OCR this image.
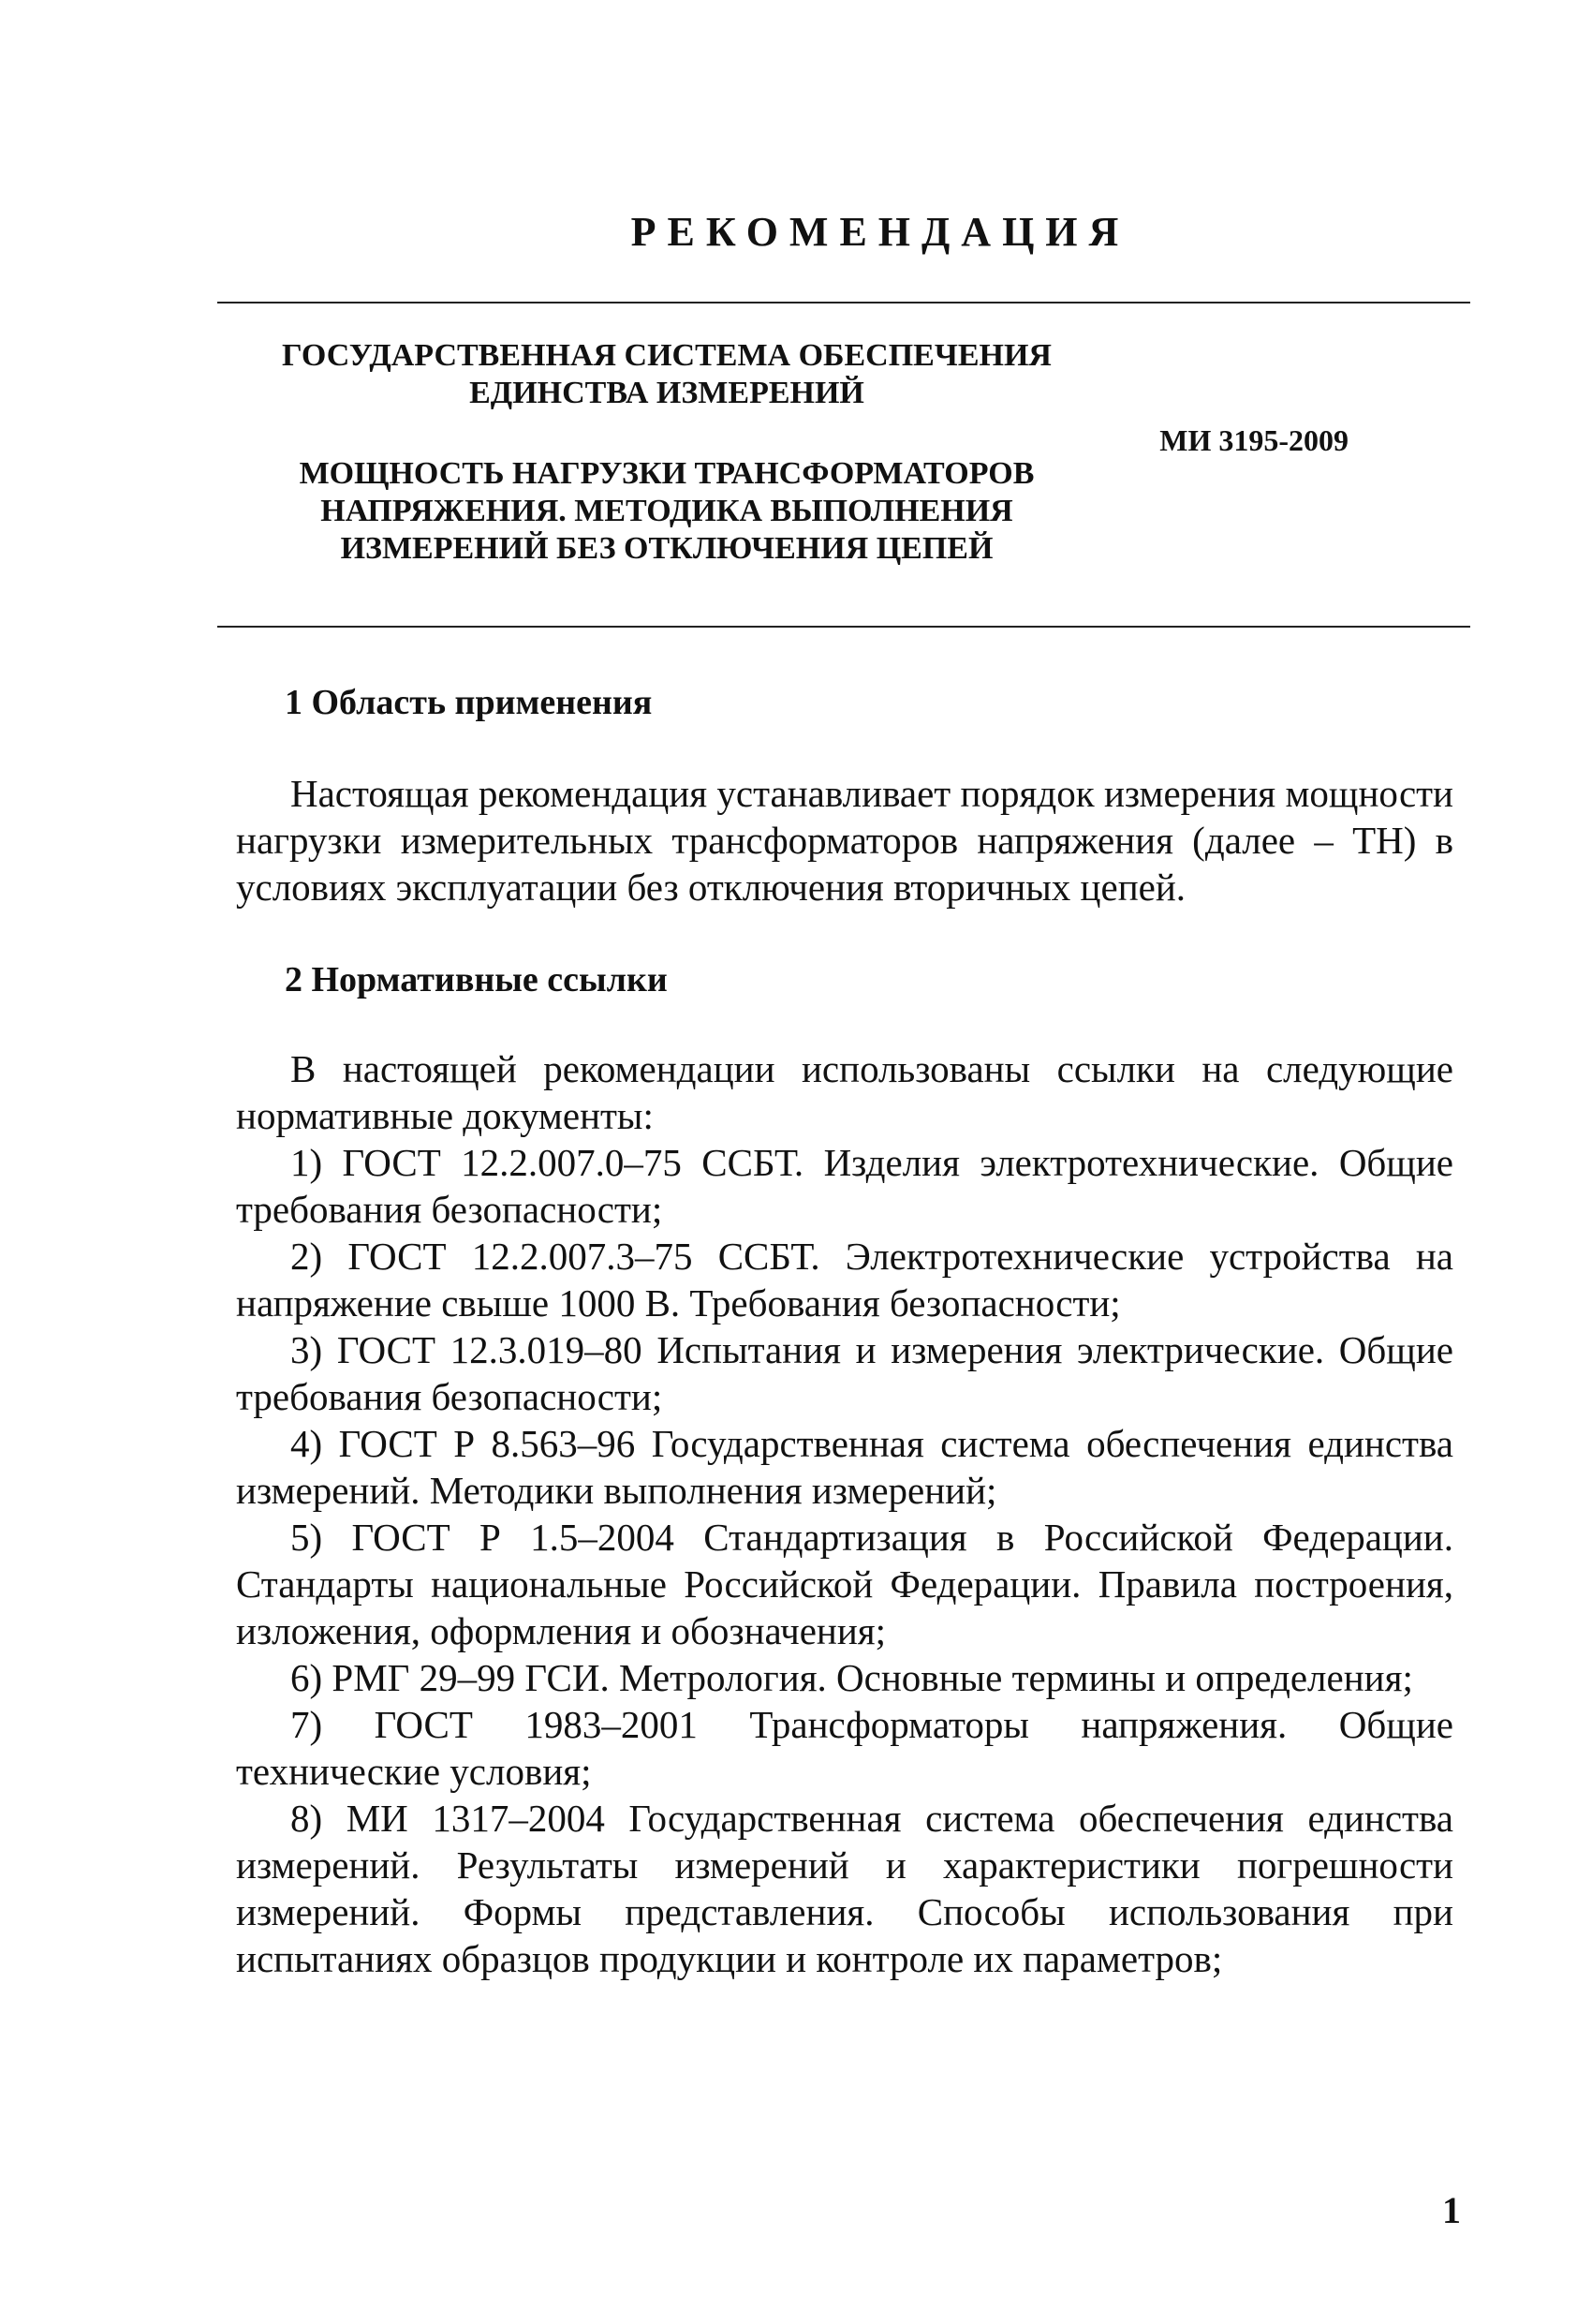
РЕКОМЕНДАЦИЯ

ГОСУДАРСТВЕННАЯ СИСТЕМА ОБЕСПЕЧЕНИЯ
ЕДИНСТВА ИЗМЕРЕНИЙ

МОЩНОСТЬ НАГРУЗКИ ТРАНСФОРМАТОРОВ
НАПРЯЖЕНИЯ. МЕТОДИКА ВЫПОЛНЕНИЯ
ИЗМЕРЕНИЙ БЕЗ ОТКЛЮЧЕНИЯ ЦЕПЕЙ

МИ 3195-2009
1 Область применения

Настоящая рекомендация устанавливает порядок измерения мощности нагрузки измерительных трансформаторов напряжения (далее – ТН) в условиях эксплуатации без отключения вторичных цепей.

2 Нормативные ссылки

В настоящей рекомендации использованы ссылки на следующие нормативные документы:

1) ГОСТ 12.2.007.0–75 ССБТ. Изделия электротехнические. Общие требования безопасности;
2) ГОСТ 12.2.007.3–75 ССБТ. Электротехнические устройства на напряжение свыше 1000 В. Требования безопасности;
3) ГОСТ 12.3.019–80 Испытания и измерения электрические. Общие требования безопасности;
4) ГОСТ Р 8.563–96 Государственная система обеспечения единства измерений. Методики выполнения измерений;
5) ГОСТ Р 1.5–2004 Стандартизация в Российской Федерации. Стандарты национальные Российской Федерации. Правила построения, изложения, оформления и обозначения;
6) РМГ 29–99 ГСИ. Метрология. Основные термины и определения;
7) ГОСТ 1983–2001 Трансформаторы напряжения. Общие технические условия;
8) МИ 1317–2004 Государственная система обеспечения единства измерений. Результаты измерений и характеристики погрешности измерений. Формы представления. Способы использования при испытаниях образцов продукции и контроле их параметров;
1
